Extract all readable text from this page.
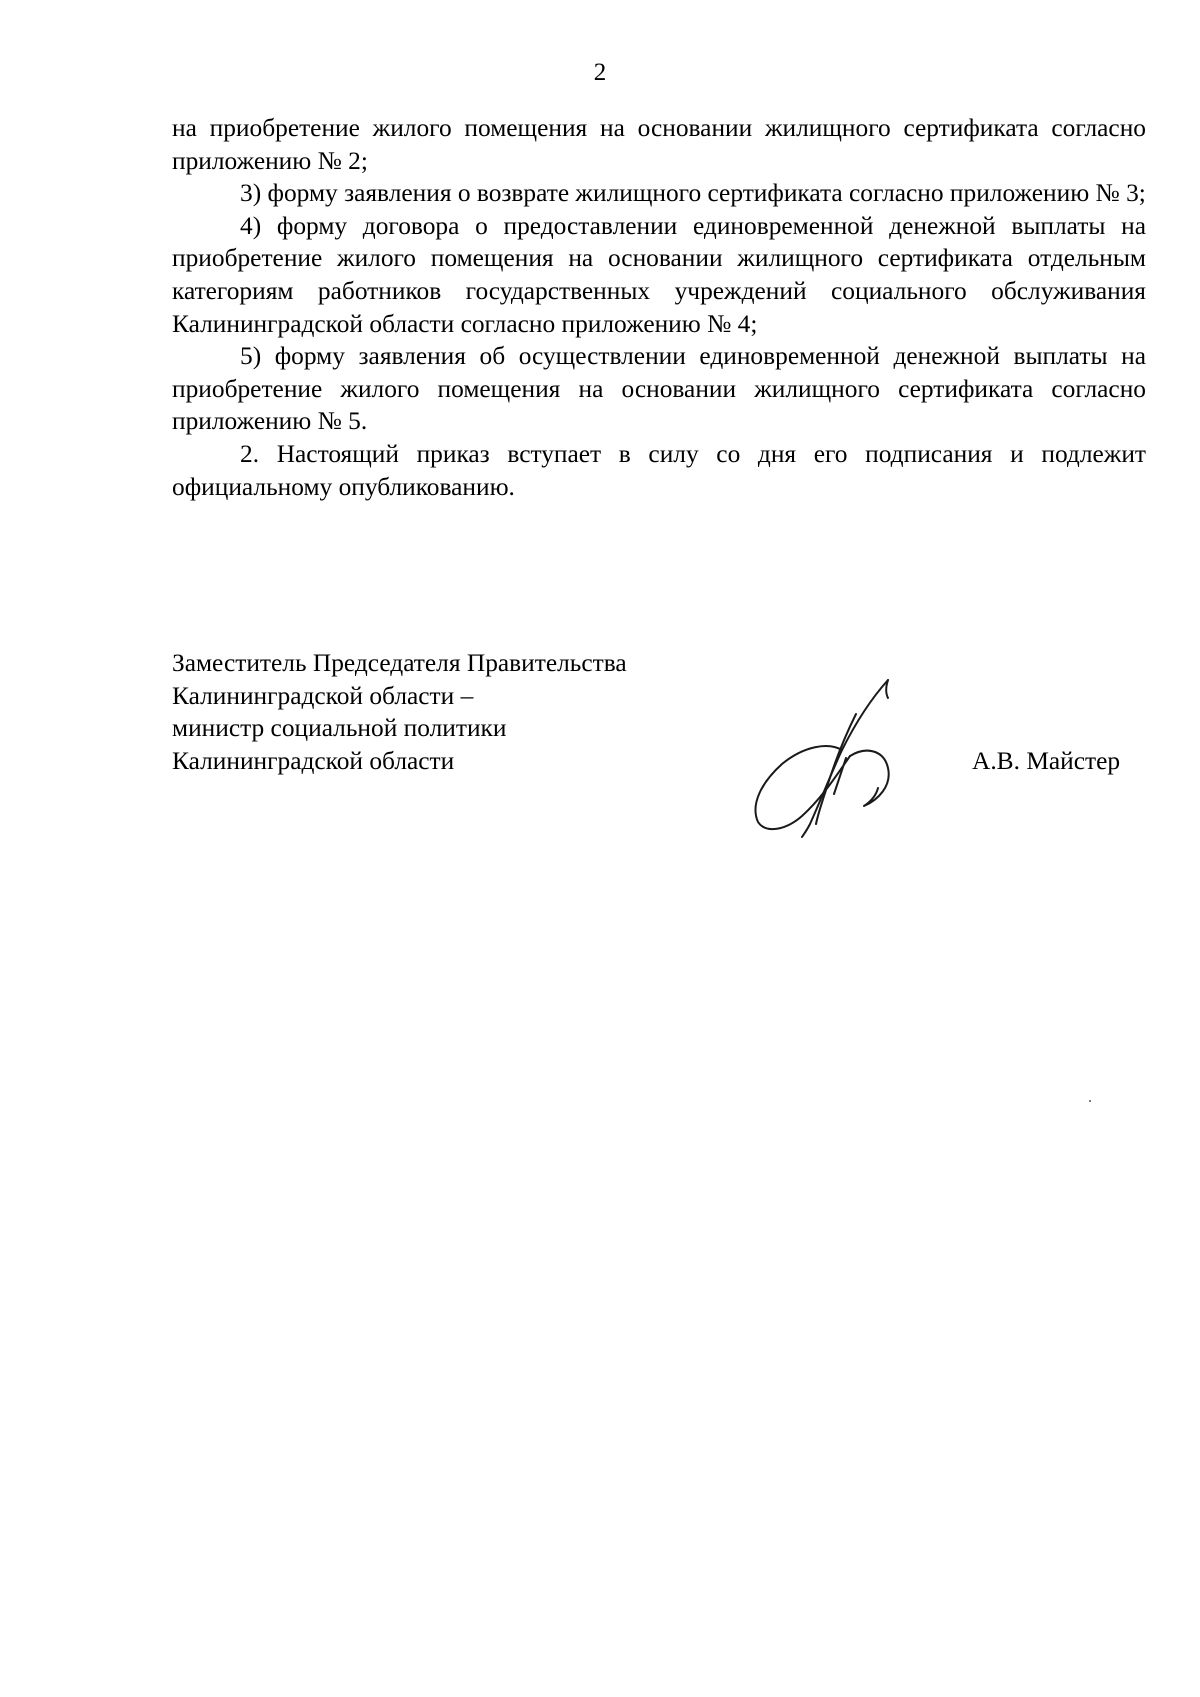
2

на приобретение жилого помещения на основании жилищного сертификата согласно приложению № 2;

3) форму заявления о возврате жилищного сертификата согласно приложению № 3;

4) форму договора о предоставлении единовременной денежной выплаты на приобретение жилого помещения на основании жилищного сертификата отдельным категориям работников государственных учреждений социального обслуживания Калининградской области согласно приложению № 4;

5) форму заявления об осуществлении единовременной денежной выплаты на приобретение жилого помещения на основании жилищного сертификата согласно приложению № 5.

2. Настоящий приказ вступает в силу со дня его подписания и подлежит официальному опубликованию.

Заместитель Председателя Правительства
Калининградской области –
министр социальной политики
Калининградской области	А.В. Майстер
